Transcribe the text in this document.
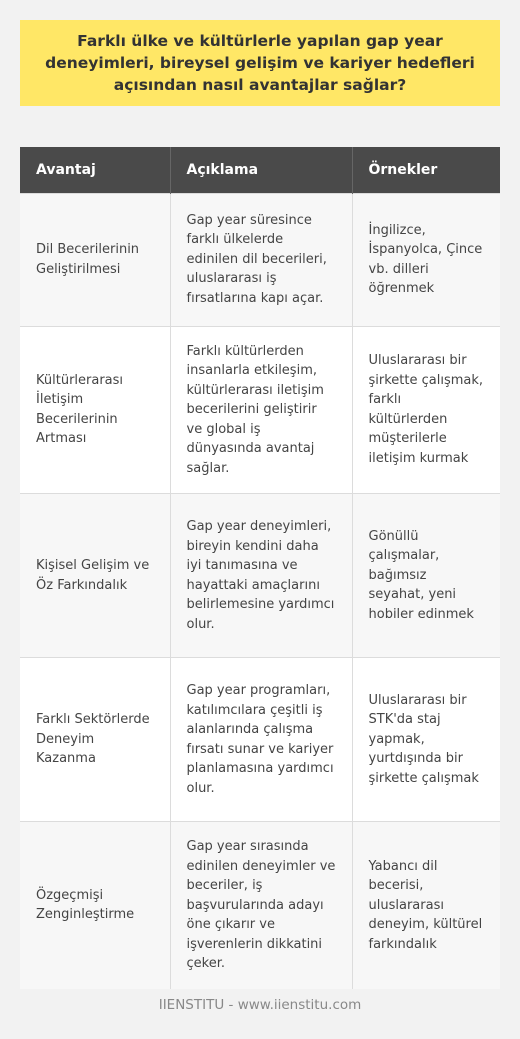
Farklı ülke ve kültürlerle yapılan gap year deneyimleri, bireysel gelişim ve kariyer hedefleri açısından nasıl avantajlar sağlar?
Avantaj	Açıklama	Örnekler
Dil Becerilerinin Geliştirilmesi	Gap year süresince farklı ülkelerde edinilen dil becerileri, uluslararası iş fırsatlarına kapı açar.	İngilizce, İspanyolca, Çince vb. dilleri öğrenmek
Kültürlerarası İletişim Becerilerinin Artması	Farklı kültürlerden insanlarla etkileşim, kültürlerarası iletişim becerilerini geliştirir ve global iş dünyasında avantaj sağlar.	Uluslararası bir şirkette çalışmak, farklı kültürlerden müşterilerle iletişim kurmak
Kişisel Gelişim ve Öz Farkındalık	Gap year deneyimleri, bireyin kendini daha iyi tanımasına ve hayattaki amaçlarını belirlemesine yardımcı olur.	Gönüllü çalışmalar, bağımsız seyahat, yeni hobiler edinmek
Farklı Sektörlerde Deneyim Kazanma	Gap year programları, katılımcılara çeşitli iş alanlarında çalışma fırsatı sunar ve kariyer planlamasına yardımcı olur.	Uluslararası bir STK'da staj yapmak, yurtdışında bir şirkette çalışmak
Özgeçmişi Zenginleştirme	Gap year sırasında edinilen deneyimler ve beceriler, iş başvurularında adayı öne çıkarır ve işverenlerin dikkatini çeker.	Yabancı dil becerisi, uluslararası deneyim, kültürel farkındalık
IIENSTITU - www.iienstitu.com
